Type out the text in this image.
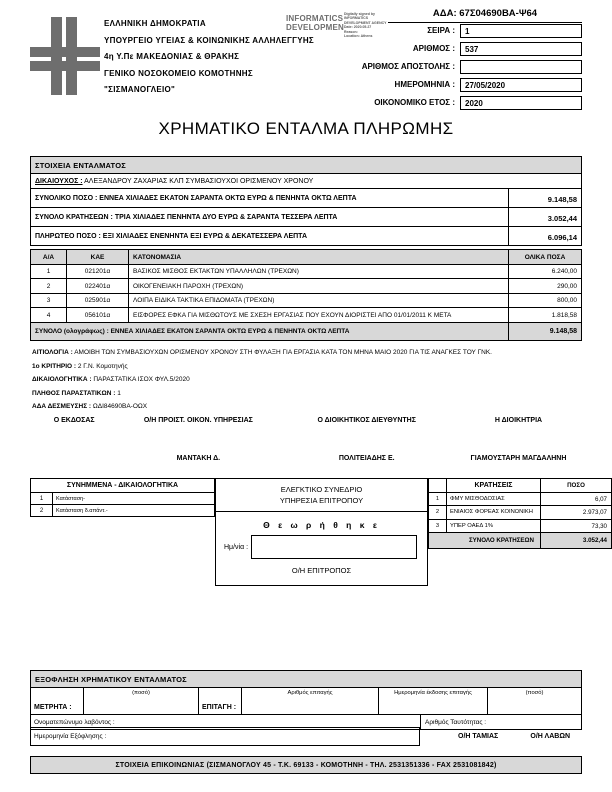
ΕΛΛΗΝΙΚΗ ΔΗΜΟΚΡΑΤΙΑ
ΥΠΟΥΡΓΕΙΟ ΥΓΕΙΑΣ & ΚΟΙΝΩΝΙΚΗΣ ΑΛΛΗΛΕΓΓΥΗΣ
4η Υ.Πε ΜΑΚΕΔΟΝΙΑΣ & ΘΡΑΚΗΣ
ΓΕΝΙΚΟ ΝΟΣΟΚΟΜΕΙΟ ΚΟΜΟΤΗΝΗΣ
"ΣΙΣΜΑΝΟΓΛΕΙΟ"
INFORMATICS
DEVELOPMEN
Digitally signed by
INFORMATICS
DEVELOPMENT AGENCY
Date: 2020.05.27
Reason:
Location: Athens
ΑΔΑ: 67Σ04690ΒΑ-Ψ64
ΣΕΙΡΑ :	1
ΑΡΙΘΜΟΣ :	537
ΑΡΙΘΜΟΣ ΑΠΟΣΤΟΛΗΣ :
ΗΜΕΡΟΜΗΝΙΑ :	27/05/2020
ΟΙΚΟΝΟΜΙΚΟ ΕΤΟΣ :	2020
ΧΡΗΜΑΤΙΚΟ ΕΝΤΑΛΜΑ ΠΛΗΡΩΜΗΣ
ΣΤΟΙΧΕΙΑ ΕΝΤΑΛΜΑΤΟΣ
ΔΙΚΑΙΟΥΧΟΣ : ΑΛΕΞΑΝΔΡΟΥ ΖΑΧΑΡΙΑΣ ΚΛΠ ΣΥΜΒΑΣΙΟΥΧΟΙ ΟΡΙΣΜΕΝΟΥ ΧΡΟΝΟΥ
ΣΥΝΟΛΙΚΟ ΠΟΣΟ : ΕΝΝΕΑ ΧΙΛΙΑΔΕΣ ΕΚΑΤΟΝ ΣΑΡΑΝΤΑ ΟΚΤΩ ΕΥΡΩ & ΠΕΝΗΝΤΑ ΟΚΤΩ ΛΕΠΤΑ	9.148,58
ΣΥΝΟΛΟ ΚΡΑΤΗΣΕΩΝ : ΤΡΙΑ ΧΙΛΙΑΔΕΣ ΠΕΝΗΝΤΑ ΔΥΟ ΕΥΡΩ & ΣΑΡΑΝΤΑ ΤΕΣΣΕΡΑ ΛΕΠΤΑ	3.052,44
ΠΛΗΡΩΤΕΟ ΠΟΣΟ : ΕΞΙ ΧΙΛΙΑΔΕΣ ΕΝΕΝΗΝΤΑ ΕΞΙ ΕΥΡΩ & ΔΕΚΑΤΕΣΣΕΡΑ ΛΕΠΤΑ	6.096,14
Α/Α	ΚΑΕ	ΚΑΤΟΝΟΜΑΣΙΑ	ΟΛΙΚΑ ΠΟΣΑ
1	021201α	ΒΑΣΙΚΟΣ ΜΙΣΘΟΣ ΕΚΤΑΚΤΩΝ ΥΠΑΛΛΗΛΩΝ (ΤΡΕΧΩΝ)	6.240,00
2	022401α	ΟΙΚΟΓΕΝΕΙΑΚΗ ΠΑΡΟΧΗ (ΤΡΕΧΩΝ)	290,00
3	025901α	ΛΟΙΠΑ ΕΙΔΙΚΑ ΤΑΚΤΙΚΑ ΕΠΙΔΟΜΑΤΑ (ΤΡΕΧΩΝ)	800,00
4	056101α	ΕΙΣΦΟΡΕΣ ΕΦΚΑ ΓΙΑ ΜΙΣΘΩΤΟΥΣ ΜΕ ΣΧΕΣΗ ΕΡΓΑΣΙΑΣ ΠΟΥ ΕΧΟΥΝ ΔΙΟΡΙΣΤΕΙ ΑΠΟ 01/01/2011 Κ ΜΕΤΑ	1.818,58
ΣΥΝΟΛΟ (ολογράφως) : ΕΝΝΕΑ ΧΙΛΙΑΔΕΣ ΕΚΑΤΟΝ ΣΑΡΑΝΤΑ ΟΚΤΩ ΕΥΡΩ & ΠΕΝΗΝΤΑ ΟΚΤΩ ΛΕΠΤΑ	9.148,58
ΑΙΤΙΟΛΟΓΙΑ : ΑΜΟΙΒΗ ΤΩΝ ΣΥΜΒΑΣΙΟΥΧΩΝ ΟΡΙΣΜΕΝΟΥ ΧΡΟΝΟΥ ΣΤΗ ΦΥΛΑΞΗ ΓΙΑ ΕΡΓΑΣΙΑ ΚΑΤΑ ΤΟΝ ΜΗΝΑ ΜΑΙΟ 2020 ΓΙΑ ΤΙΣ ΑΝΑΓΚΕΣ ΤΟΥ ΓΝΚ.
1ο ΚΡΙΤΗΡΙΟ : 2 Γ.Ν. Κομοτηνής
ΔΙΚΑΙΟΛΟΓΗΤΙΚΑ : ΠΑΡΑΣΤΑΤΙΚΑ ΙΣΟΧ ΦΥΛ.5/2020
ΠΛΗΘΟΣ ΠΑΡΑΣΤΑΤΙΚΩΝ : 1
ΑΔΑ ΔΕΣΜΕΥΣΗΣ : ΩΔΙ84690ΒΑ-ΟΩΧ
Ο ΕΚΔΟΣΑΣ	Ο/Η ΠΡΟΙΣΤ. ΟΙΚΟΝ. ΥΠΗΡΕΣΙΑΣ
ΜΑΝΤΑΚΗ Δ.
Ο ΔΙΟΙΚΗΤΙΚΟΣ ΔΙΕΥΘΥΝΤΗΣ
ΠΟΛΙΤΕΙΑΔΗΣ Ε.
Η ΔΙΟΙΚΗΤΡΙΑ
ΓΙΑΜΟΥΣΤΑΡΗ ΜΑΓΔΑΛΗΝΗ
ΣΥΝΗΜΜΕΝΑ - ΔΙΚΑΙΟΛΟΓΗΤΙΚΑ
1	Κατάσταση-
2	Κατάσταση δ.απάντ.-
ΕΛΕΓΚΤΙΚΟ ΣΥΝΕΔΡΙΟ
ΥΠΗΡΕΣΙΑ ΕΠΙΤΡΟΠΟΥ
Θ ε ω ρ ή θ η κ ε
Ημ/νία :
Ο/Η ΕΠΙΤΡΟΠΟΣ
ΚΡΑΤΗΣΕΙΣ	ΠΟΣΟ
1	ΦΜΥ ΜΙΣΘΟΔΟΣΙΑΣ	6,07
2	ΕΝΙΑΙΟΣ ΦΟΡΕΑΣ ΚΟΙΝΩΝΙΚΗ	2.973,07
3	ΥΠΕΡ ΟΑΕΔ 1%	73,30
ΣΥΝΟΛΟ ΚΡΑΤΗΣΕΩΝ	3.052,44
ΕΞΟΦΛΗΣΗ ΧΡΗΜΑΤΙΚΟΥ ΕΝΤΑΛΜΑΤΟΣ
ΜΕΤΡΗΤΑ :
(ποσό)
ΕΠΙΤΑΓΗ :
Αριθμός επιταγής	Ημερομηνία έκδοσης επιταγής	(ποσό)
Ονοματεπώνυμο λαβόντος :	Αριθμός Ταυτότητας :
Ημερομηνία Εξόφλησης :	Ο/Η ΤΑΜΙΑΣ	Ο/Η ΛΑΒΩΝ
ΣΤΟΙΧΕΙΑ ΕΠΙΚΟΙΝΩΝΙΑΣ (ΣΙΣΜΑΝΟΓΛΟΥ 45 - Τ.Κ. 69133 - ΚΟΜΟΤΗΝΗ - ΤΗΛ. 2531351336 - FAX 2531081842)
